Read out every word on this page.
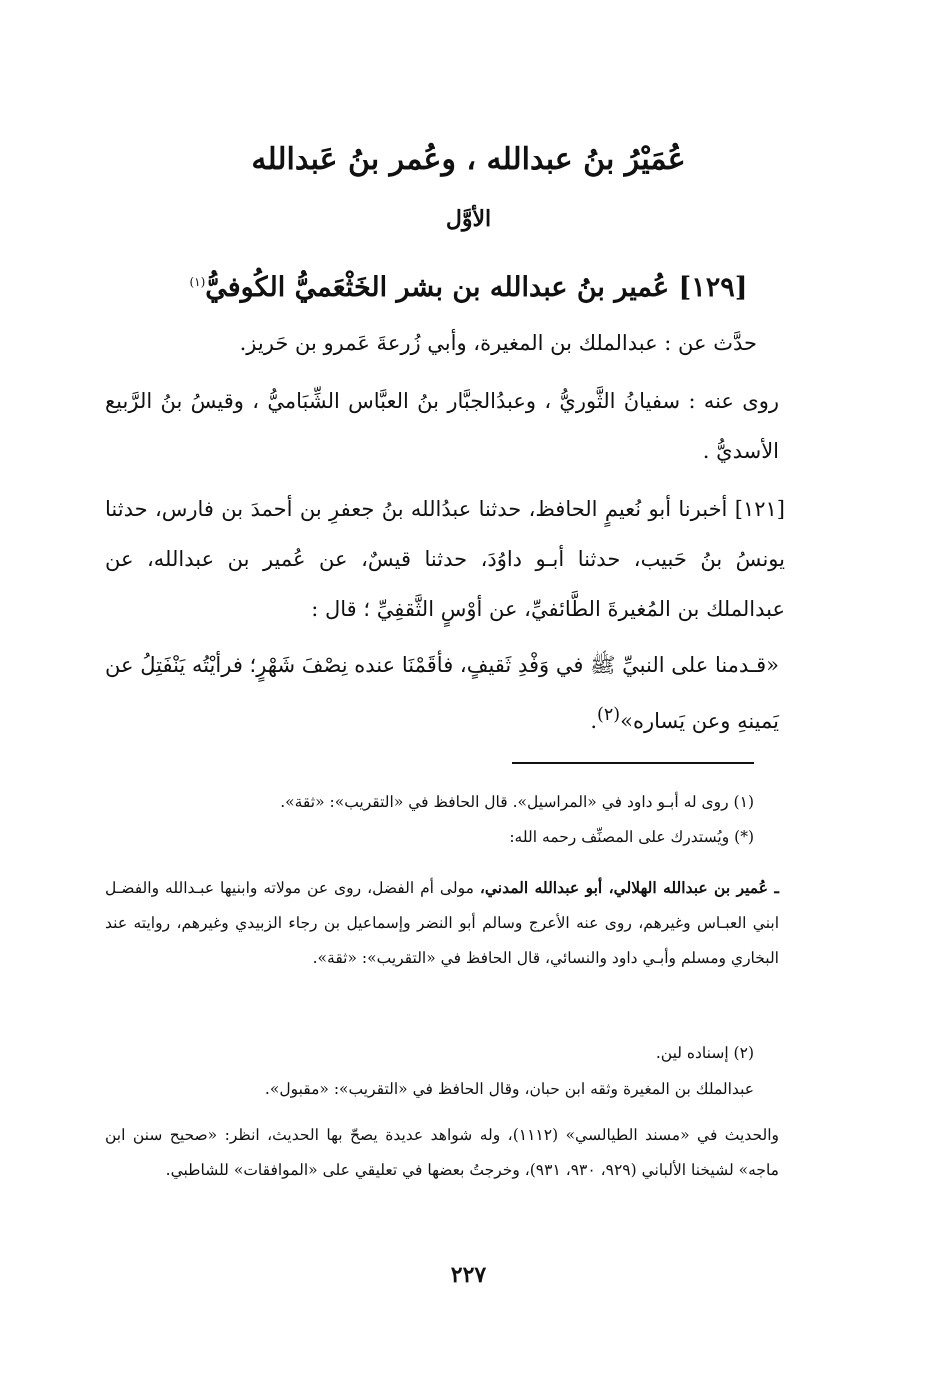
عُمَيْرُ بنُ عبدالله ، وعُمر بنُ عَبدالله
الأوَّل
[١٢٩] عُمير بنُ عبدالله بن بشر الخَثْعَميُّ الكُوفيُّ$^{(١)}$

حدَّث عن : عبدالملك بن المغيرة، وأبي زُرعةَ عَمرو بن حَريز.

روى عنه : سفيانُ الثَّوريُّ ، وعبدُالجبَّار بنُ العبَّاس الشِّبَاميُّ ، وقيسُ بنُ الرَّبيع الأسديُّ .

[١٢١] أخبرنا أبو نُعيمٍ الحافظ، حدثنا عبدُالله بنُ جعفرِ بن أحمدَ بن فارس، حدثنا يونسُ بنُ حَبيب، حدثنا أبـو داوُدَ، حدثنا قيسٌ، عن عُمير بن عبدالله، عن عبدالملك بن المُغيرةَ الطَّائفيِّ، عن أوْسٍ الثَّقفِيِّ ؛ قال :

«قـدمنا على النبيِّ ﷺ في وَفْدِ ثَقيفٍ، فأقَمْنَا عنده نِصْفَ شَهْرٍ؛ فرأيْتُه يَنْفَتِلُ عن يَمينهِ وعن يَساره»$^{(٢)}$.

(١) روى له أبـو داود في «المراسيل». قال الحافظ في «التقريب»: «ثقة».

(*) ويُستدرك على المصنِّف رحمه الله:

ـ عُمير بن عبدالله الهلالي، أبو عبدالله المدني، مولى أم الفضل، روى عن مولاته وابنيها عبـدالله والفضـل ابني العبـاس وغيرهم، روى عنه الأعرج وسالم أبو النضر وإسماعيل بن رجاء الزبيدي وغيرهم، روايته عند البخاري ومسلم وأبـي داود والنسائي، قال الحافظ في «التقريب»: «ثقة».

(٢) إسناده لين.

عبدالملك بن المغيرة وثقه ابن حبان، وقال الحافظ في «التقريب»: «مقبول».

والحديث في «مسند الطيالسي» (١١١٢)، وله شواهد عديدة يصحّ بها الحديث، انظر: «صحيح سنن ابن ماجه» لشيخنا الألباني (٩٢٩، ٩٣٠، ٩٣١)، وخرجتُ بعضها في تعليقي على «الموافقات» للشاطبي.

٢٢٧
